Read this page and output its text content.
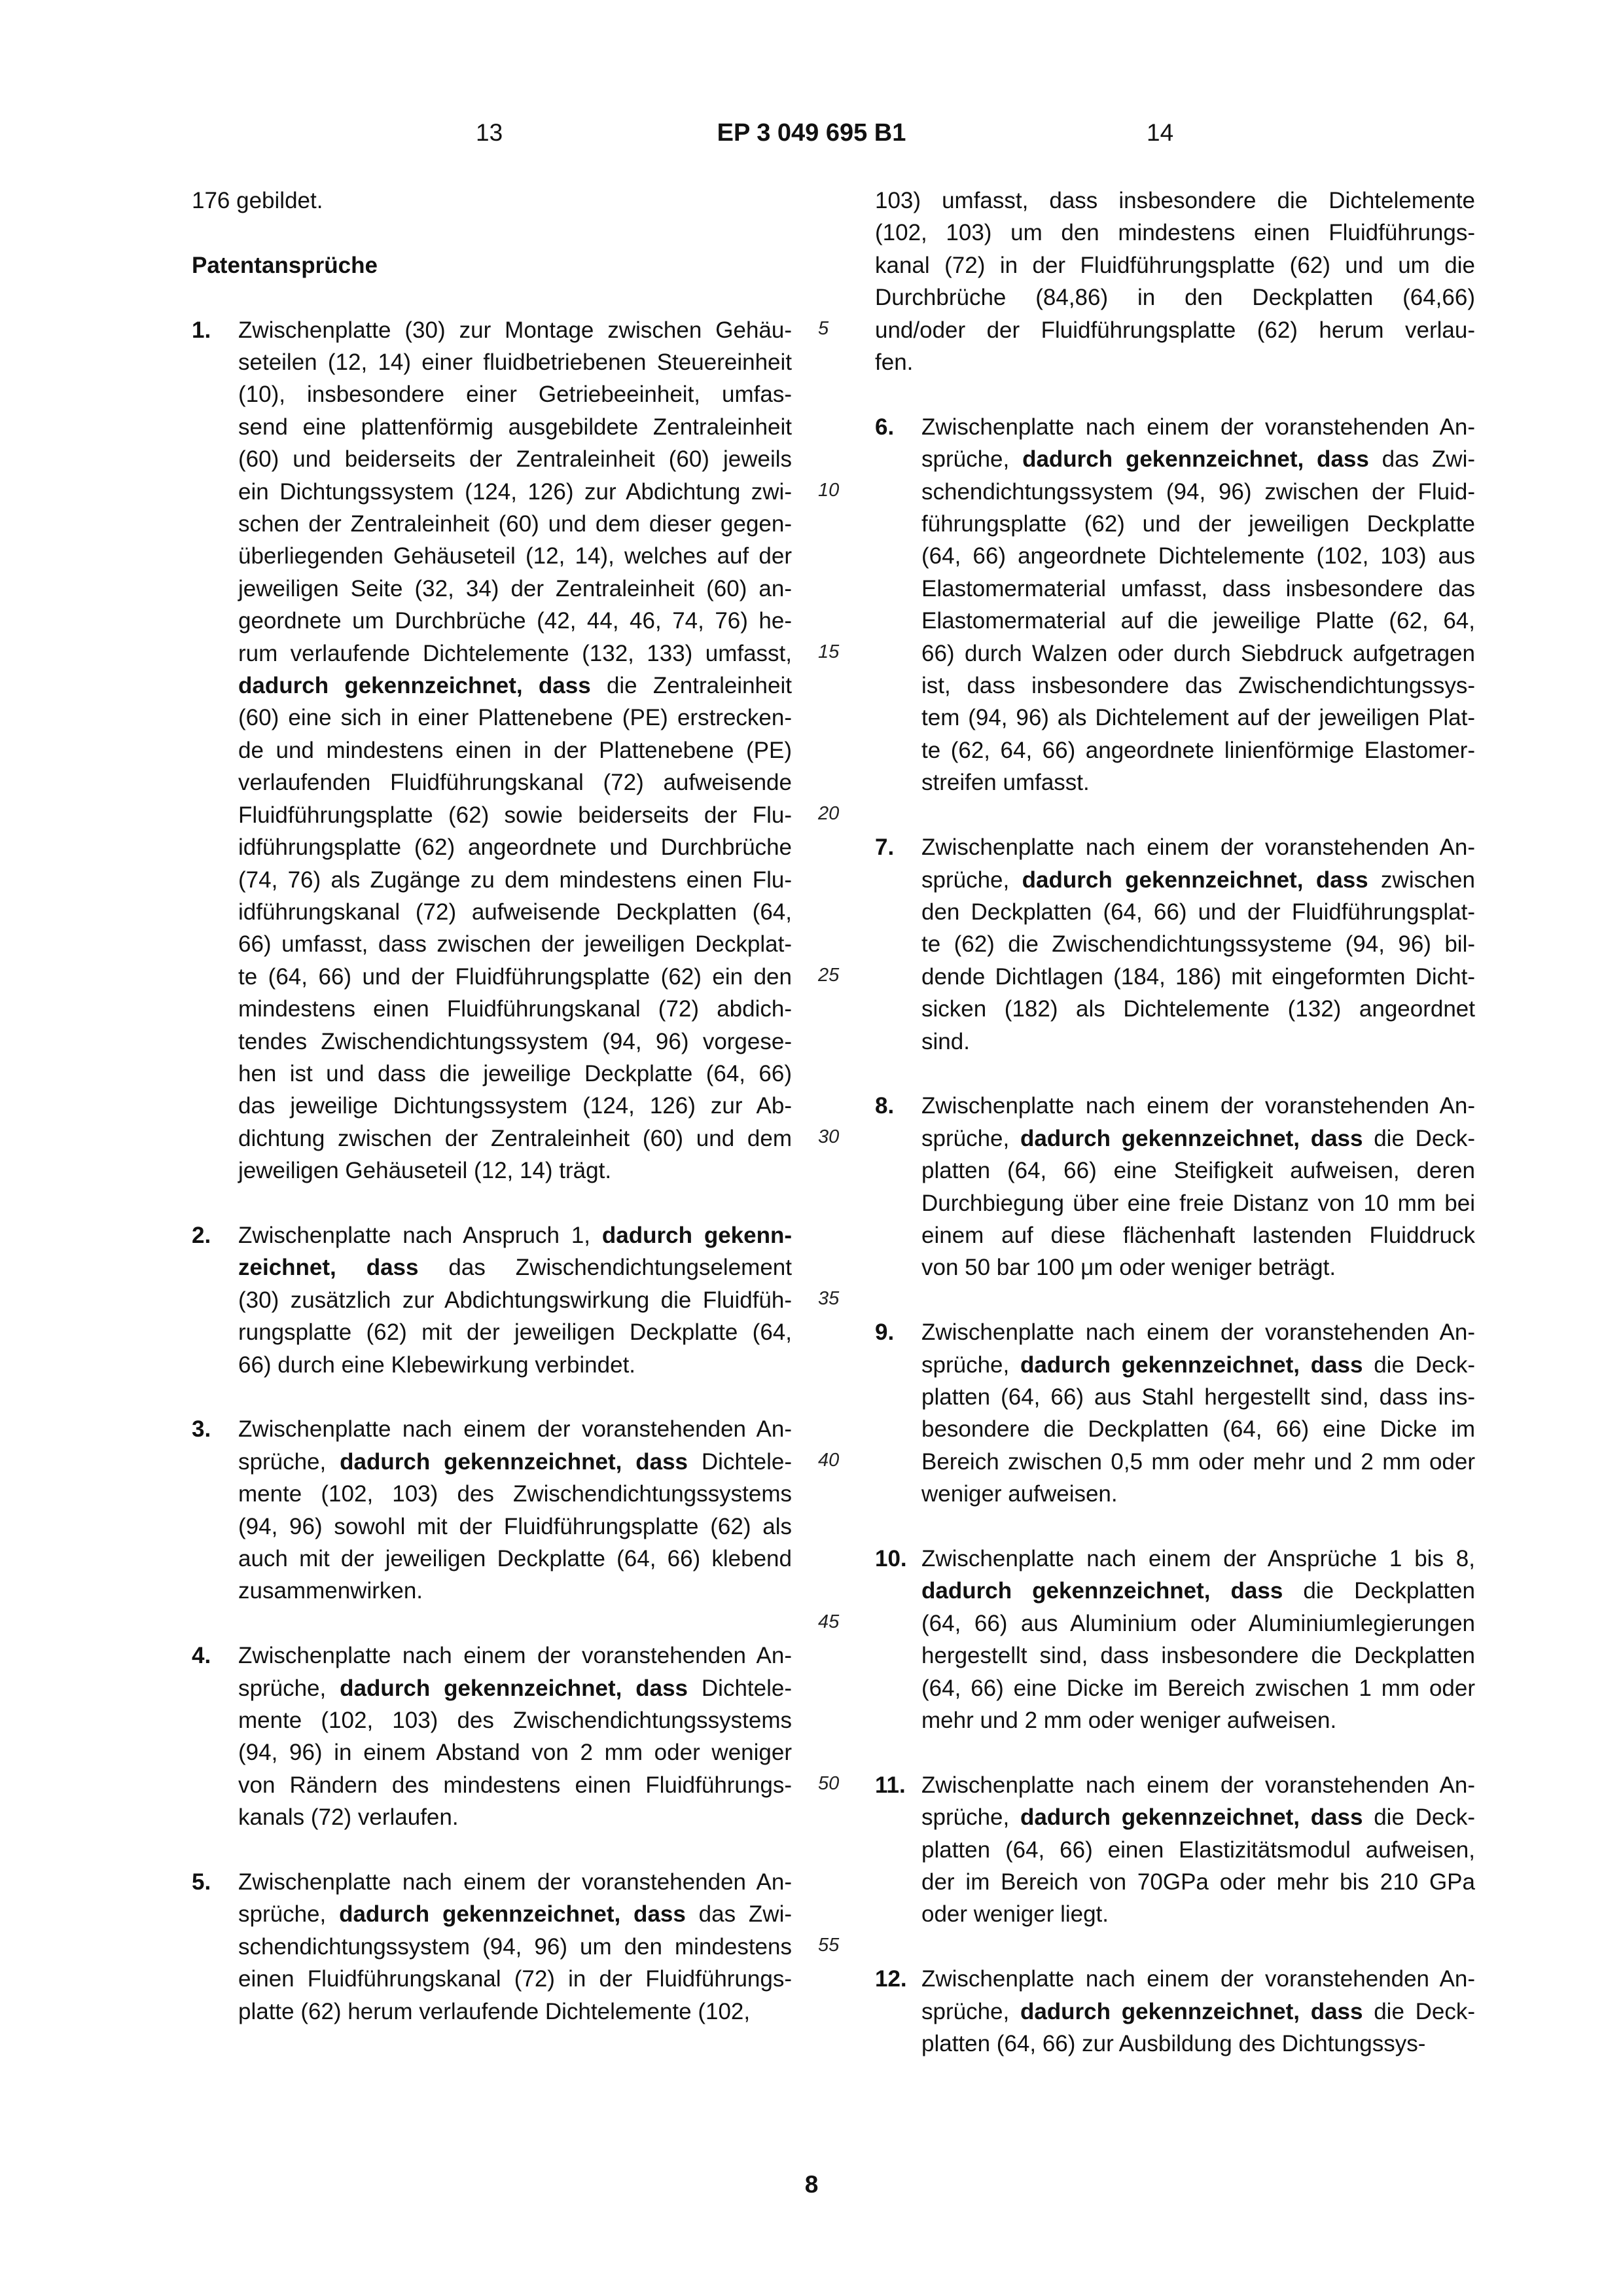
13	EP 3 049 695 B1	14
176 gebildet.
Patentansprüche
1. Zwischenplatte (30) zur Montage zwischen Gehäu-
seteilen (12, 14) einer fluidbetriebenen Steuereinheit
(10), insbesondere einer Getriebeeinheit, umfas-
send eine plattenförmig ausgebildete Zentraleinheit
(60) und beiderseits der Zentraleinheit (60) jeweils
ein Dichtungssystem (124, 126) zur Abdichtung zwi-
schen der Zentraleinheit (60) und dem dieser gegen-
überliegenden Gehäuseteil (12, 14), welches auf der
jeweiligen Seite (32, 34) der Zentraleinheit (60) an-
geordnete um Durchbrüche (42, 44, 46, 74, 76) he-
rum verlaufende Dichtelemente (132, 133) umfasst,
dadurch gekennzeichnet, dass die Zentraleinheit
(60) eine sich in einer Plattenebene (PE) erstrecken-
de und mindestens einen in der Plattenebene (PE)
verlaufenden Fluidführungskanal (72) aufweisende
Fluidführungsplatte (62) sowie beiderseits der Flu-
idführungsplatte (62) angeordnete und Durchbrüche
(74, 76) als Zugänge zu dem mindestens einen Flu-
idführungskanal (72) aufweisende Deckplatten (64,
66) umfasst, dass zwischen der jeweiligen Deckplat-
te (64, 66) und der Fluidführungsplatte (62) ein den
mindestens einen Fluidführungskanal (72) abdich-
tendes Zwischendichtungssystem (94, 96) vorgese-
hen ist und dass die jeweilige Deckplatte (64, 66)
das jeweilige Dichtungssystem (124, 126) zur Ab-
dichtung zwischen der Zentraleinheit (60) und dem
jeweiligen Gehäuseteil (12, 14) trägt.
2. Zwischenplatte nach Anspruch 1, dadurch gekenn-
zeichnet, dass das Zwischendichtungselement
(30) zusätzlich zur Abdichtungswirkung die Fluidfüh-
rungsplatte (62) mit der jeweiligen Deckplatte (64,
66) durch eine Klebewirkung verbindet.
3. Zwischenplatte nach einem der voranstehenden An-
sprüche, dadurch gekennzeichnet, dass Dichtele-
mente (102, 103) des Zwischendichtungssystems
(94, 96) sowohl mit der Fluidführungsplatte (62) als
auch mit der jeweiligen Deckplatte (64, 66) klebend
zusammenwirken.
4. Zwischenplatte nach einem der voranstehenden An-
sprüche, dadurch gekennzeichnet, dass Dichtele-
mente (102, 103) des Zwischendichtungssystems
(94, 96) in einem Abstand von 2 mm oder weniger
von Rändern des mindestens einen Fluidführungs-
kanals (72) verlaufen.
5. Zwischenplatte nach einem der voranstehenden An-
sprüche, dadurch gekennzeichnet, dass das Zwi-
schendichtungssystem (94, 96) um den mindestens
einen Fluidführungskanal (72) in der Fluidführungs-
platte (62) herum verlaufende Dichtelemente (102,
103) umfasst, dass insbesondere die Dichtelemente
(102, 103) um den mindestens einen Fluidführungs-
kanal (72) in der Fluidführungsplatte (62) und um die
Durchbrüche (84,86) in den Deckplatten (64,66)
und/oder der Fluidführungsplatte (62) herum verlau-
fen.
6. Zwischenplatte nach einem der voranstehenden An-
sprüche, dadurch gekennzeichnet, dass das Zwi-
schendichtungssystem (94, 96) zwischen der Fluid-
führungsplatte (62) und der jeweiligen Deckplatte
(64, 66) angeordnete Dichtelemente (102, 103) aus
Elastomermaterial umfasst, dass insbesondere das
Elastomermaterial auf die jeweilige Platte (62, 64,
66) durch Walzen oder durch Siebdruck aufgetragen
ist, dass insbesondere das Zwischendichtungssys-
tem (94, 96) als Dichtelement auf der jeweiligen Plat-
te (62, 64, 66) angeordnete linienförmige Elastomer-
streifen umfasst.
7. Zwischenplatte nach einem der voranstehenden An-
sprüche, dadurch gekennzeichnet, dass zwischen
den Deckplatten (64, 66) und der Fluidführungsplat-
te (62) die Zwischendichtungssysteme (94, 96) bil-
dende Dichtlagen (184, 186) mit eingeformten Dicht-
sicken (182) als Dichtelemente (132) angeordnet
sind.
8. Zwischenplatte nach einem der voranstehenden An-
sprüche, dadurch gekennzeichnet, dass die Deck-
platten (64, 66) eine Steifigkeit aufweisen, deren
Durchbiegung über eine freie Distanz von 10 mm bei
einem auf diese flächenhaft lastenden Fluiddruck
von 50 bar 100 μm oder weniger beträgt.
9. Zwischenplatte nach einem der voranstehenden An-
sprüche, dadurch gekennzeichnet, dass die Deck-
platten (64, 66) aus Stahl hergestellt sind, dass ins-
besondere die Deckplatten (64, 66) eine Dicke im
Bereich zwischen 0,5 mm oder mehr und 2 mm oder
weniger aufweisen.
10. Zwischenplatte nach einem der Ansprüche 1 bis 8,
dadurch gekennzeichnet, dass die Deckplatten
(64, 66) aus Aluminium oder Aluminiumlegierungen
hergestellt sind, dass insbesondere die Deckplatten
(64, 66) eine Dicke im Bereich zwischen 1 mm oder
mehr und 2 mm oder weniger aufweisen.
11. Zwischenplatte nach einem der voranstehenden An-
sprüche, dadurch gekennzeichnet, dass die Deck-
platten (64, 66) einen Elastizitätsmodul aufweisen,
der im Bereich von 70GPa oder mehr bis 210 GPa
oder weniger liegt.
12. Zwischenplatte nach einem der voranstehenden An-
sprüche, dadurch gekennzeichnet, dass die Deck-
platten (64, 66) zur Ausbildung des Dichtungssys-
5
10
15
20
25
30
35
40
45
50
55
8
